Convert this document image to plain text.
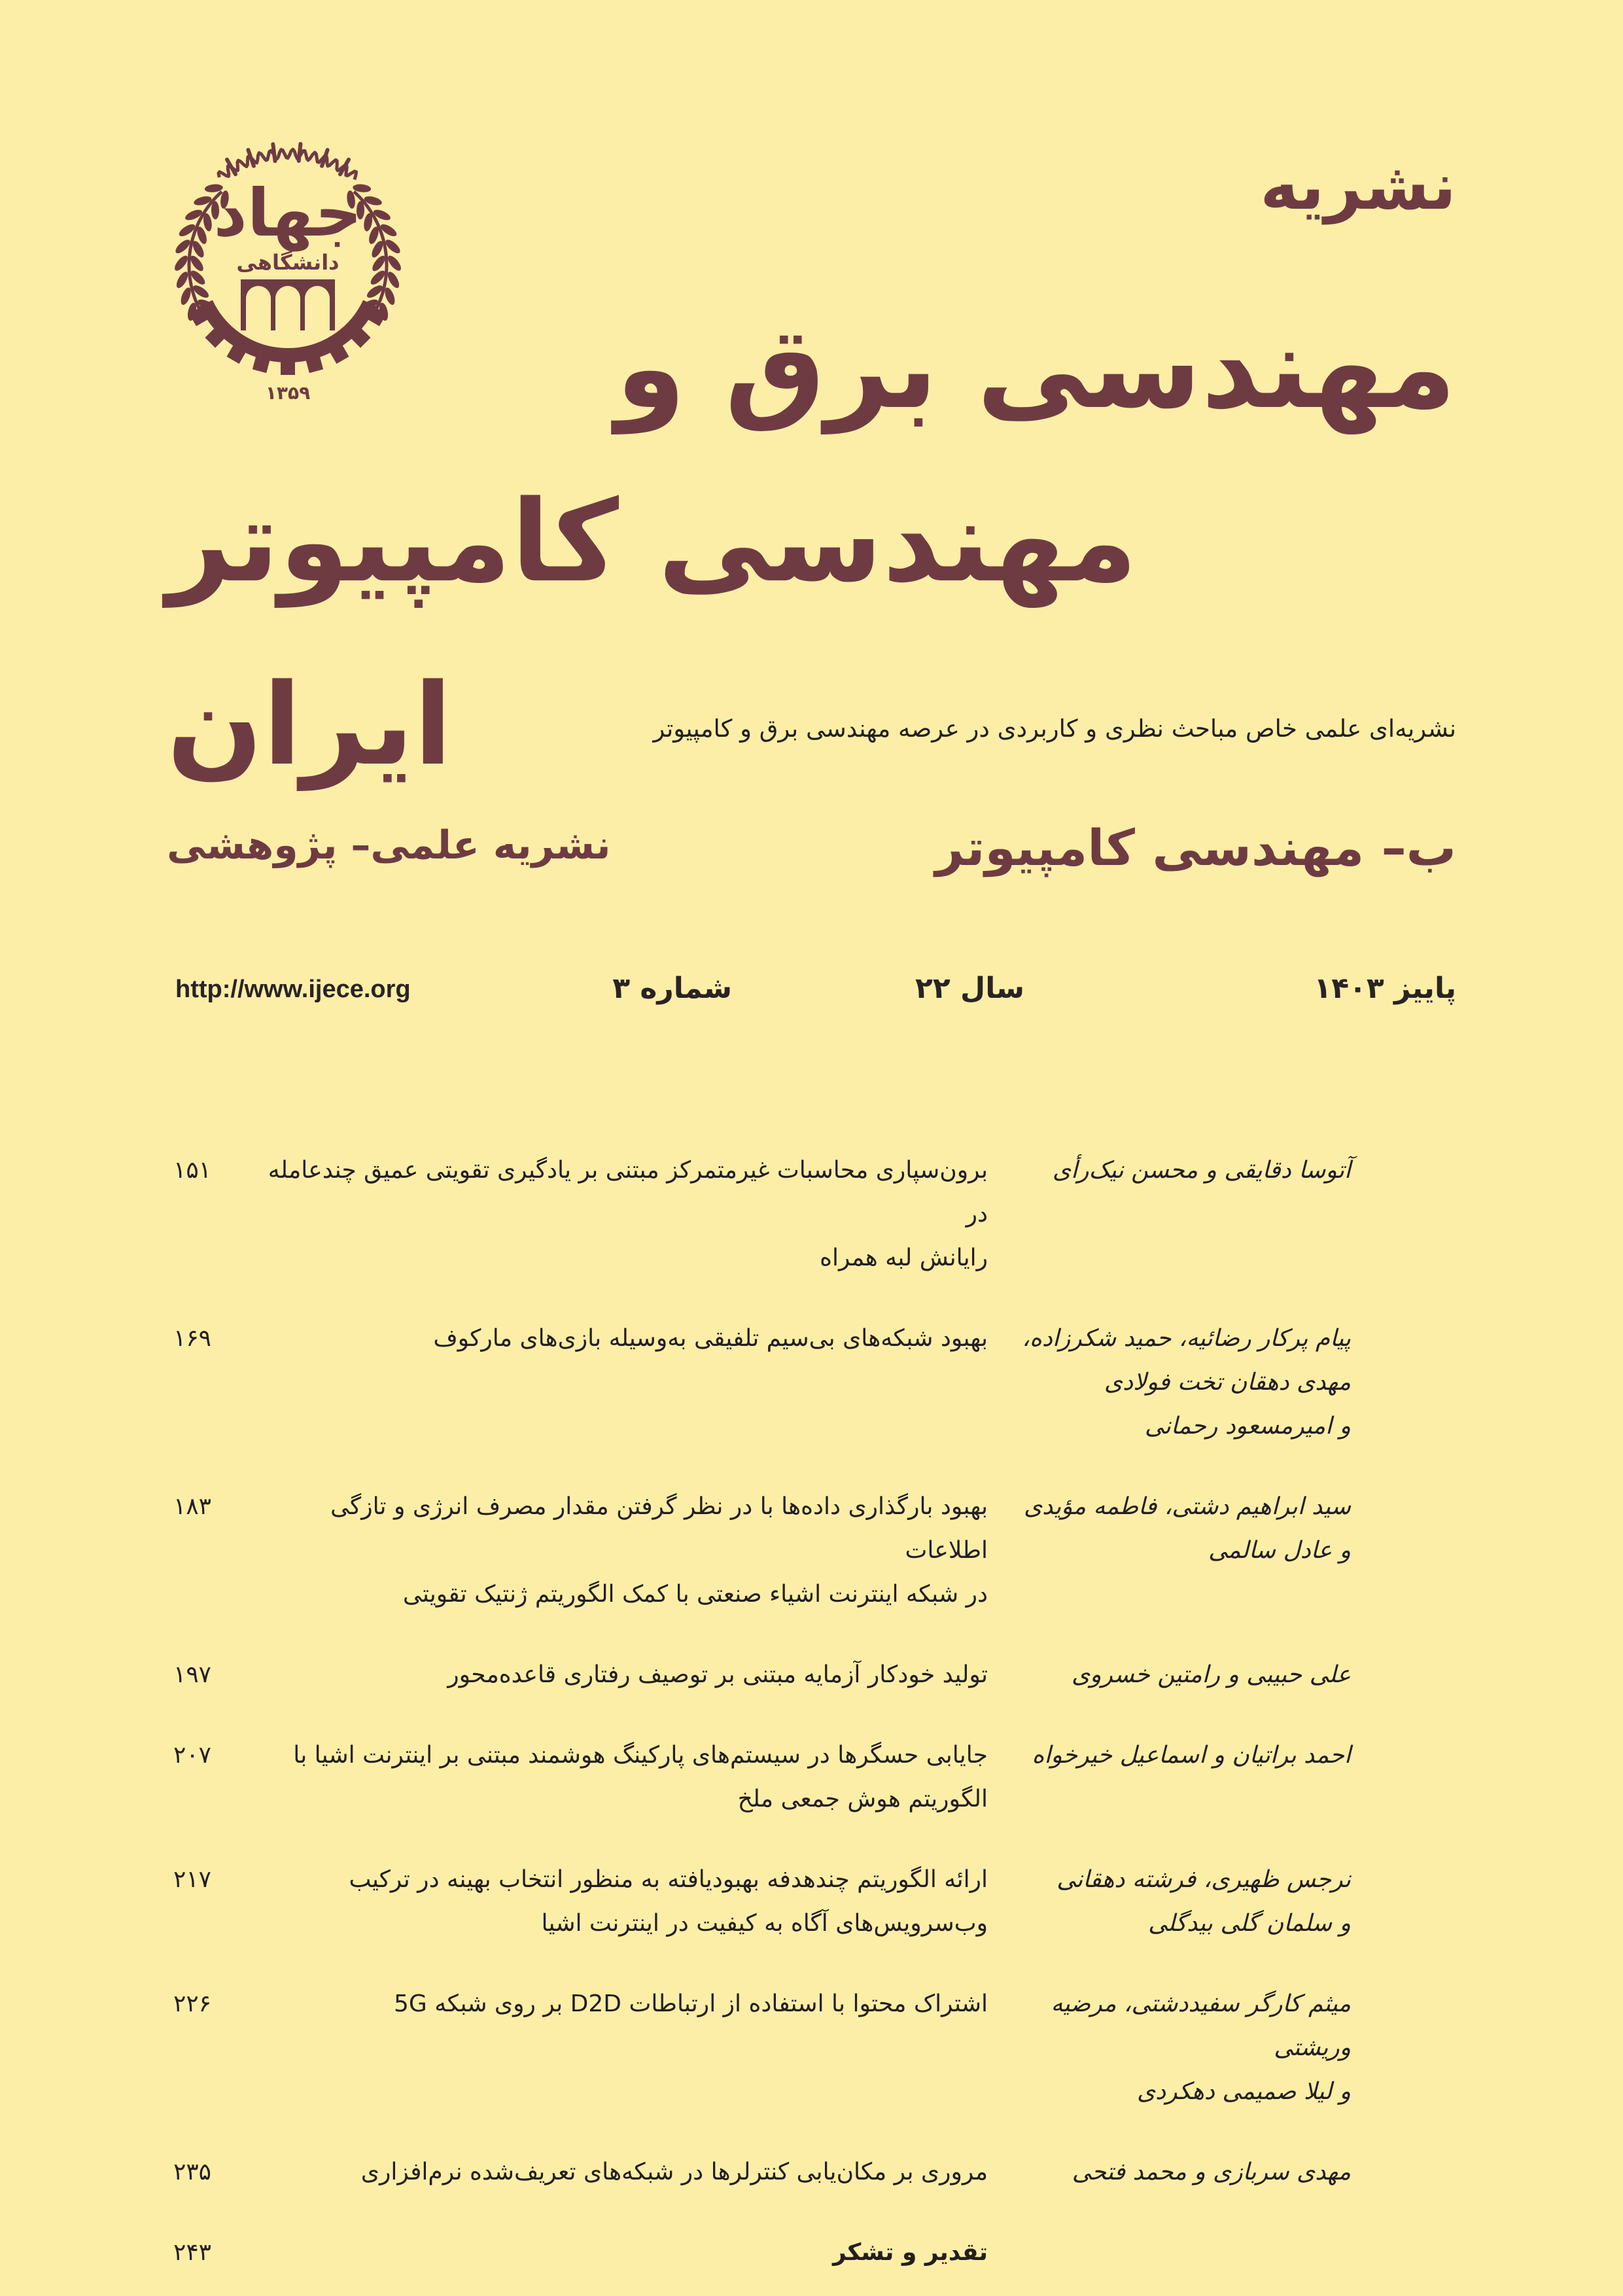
جهاد
دانشگاهی
۱۳۵۹
نشریه
مهندسی برق و
مهندسی کامپیوتر
ایران	نشریه‌ای علمی خاص مباحث نظری و کاربردی در عرصه مهندسی برق و کامپیوتر
ب– مهندسی کامپیوتر
نشریه علمی– پژوهشی
پاییز ۱۴۰۳
سال ۲۲
شماره ۳
http://www.ijece.org
آتوسا دقایقی و محسن نیک‌رأی
برون‌سپاری محاسبات غیرمتمرکز مبتنی بر یادگیری تقویتی عمیق چندعامله در
رایانش لبه همراه
۱۵۱
پیام پرکار رضائیه، حمید شکرزاده،
مهدی دهقان تخت فولادی
و امیرمسعود رحمانی
بهبود شبکه‌های بی‌سیم تلفیقی به‌وسیله بازی‌های مارکوف
۱۶۹
سید ابراهیم دشتی، فاطمه مؤیدی
و عادل سالمی
بهبود بارگذاری داده‌ها با در نظر گرفتن مقدار مصرف انرژی و تازگی اطلاعات
در شبکه اینترنت اشیاء صنعتی با کمک الگوریتم ژنتیک تقویتی
۱۸۳
علی حبیبی و رامتین خسروی
تولید خودکار آزمایه مبتنی بر توصیف رفتاری قاعده‌محور
۱۹۷
احمد براتیان و اسماعیل خیرخواه
جایابی حسگرها در سیستم‌های پارکینگ هوشمند مبتنی بر اینترنت اشیا با
الگوریتم هوش جمعی ملخ
۲۰۷
نرجس ظهیری، فرشته دهقانی
و سلمان گلی بیدگلی
ارائه الگوریتم چندهدفه بهبودیافته به منظور انتخاب بهینه در ترکیب
وب‌سرویس‌های آگاه به کیفیت در اینترنت اشیا
۲۱۷
میثم کارگر سفیددشتی، مرضیه وریشتی
و لیلا صمیمی دهکردی
اشتراک محتوا با استفاده از ارتباطات D2D بر روی شبکه 5G
۲۲۶
مهدی سربازی و محمد فتحی
مروری بر مکان‌یابی کنترلرها در شبکه‌های تعریف‌شده نرم‌افزاری
۲۳۵
تقدیر و تشکر
۲۴۳
